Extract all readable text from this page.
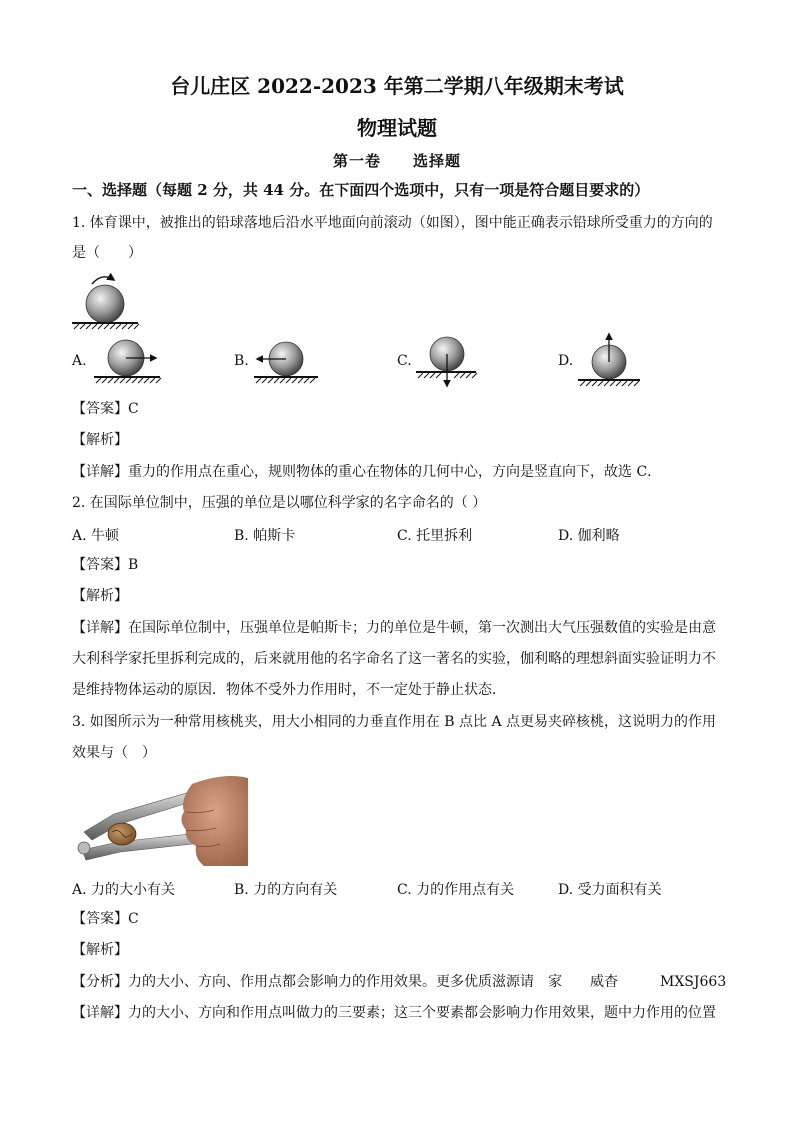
台儿庄区 2022-2023 年第二学期八年级期末考试
物理试题
第一卷　　选择题
一、选择题（每题 2 分，共 44 分。在下面四个选项中，只有一项是符合题目要求的）
1. 体育课中，被推出的铅球落地后沿水平地面向前滚动（如图），图中能正确表示铅球所受重力的方向的
是（　　）
A.	B.	C.	D.
【答案】C
【解析】
【详解】重力的作用点在重心，规则物体的重心在物体的几何中心，方向是竖直向下，故选 C．
2. 在国际单位制中，压强的单位是以哪位科学家的名字命名的（ ）
A. 牛顿	B. 帕斯卡	C. 托里拆利	D. 伽利略
【答案】B
【解析】
【详解】在国际单位制中，压强单位是帕斯卡；力的单位是牛顿，第一次测出大气压强数值的实验是由意
大利科学家托里拆利完成的，后来就用他的名字命名了这一著名的实验，伽利略的理想斜面实验证明力不
是维持物体运动的原因．物体不受外力作用时，不一定处于静止状态．
3. 如图所示为一种常用核桃夹，用大小相同的力垂直作用在 B 点比 A 点更易夹碎核桃，这说明力的作用
效果与（　）
A. 力的大小有关	B. 力的方向有关	C. 力的作用点有关	D. 受力面积有关
【答案】C
【解析】
【分析】力的大小、方向、作用点都会影响力的作用效果。更多优质滋源请　家　　威杳　　　MXSJ663
【详解】力的大小、方向和作用点叫做力的三要素；这三个要素都会影响力作用效果，题中力作用的位置
